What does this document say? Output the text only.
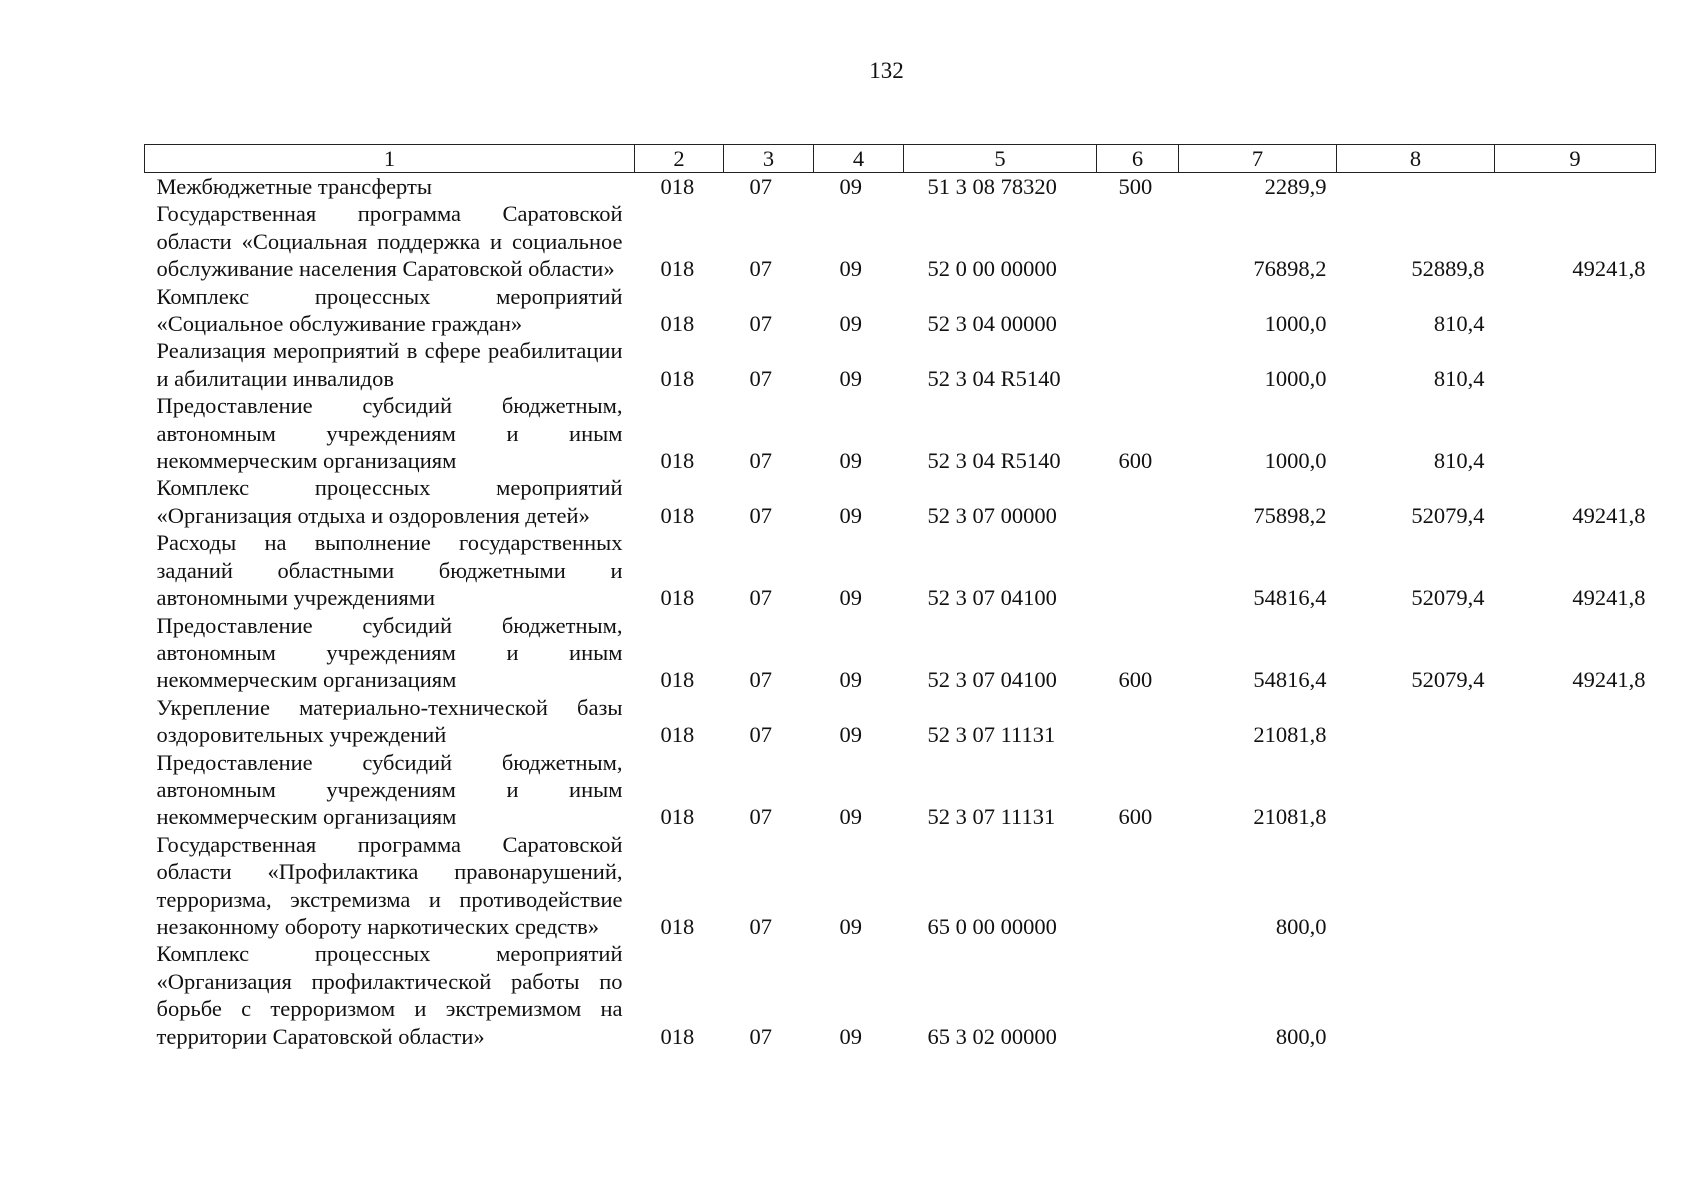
132
1	2	3	4	5	6	7	8	9
Межбюджетные трансферты	018	07	09	51 3 08 78320	500	2289,9		
Государственная программа Саратовской области «Социальная поддержка и социальное обслуживание населения Саратовской области»	018	07	09	52 0 00 00000		76898,2	52889,8	49241,8
Комплекс процессных мероприятий «Социальное обслуживание граждан»	018	07	09	52 3 04 00000		1000,0	810,4	
Реализация мероприятий в сфере реабилитации и абилитации инвалидов	018	07	09	52 3 04 R5140		1000,0	810,4	
Предоставление субсидий бюджетным, автономным учреждениям и иным некоммерческим организациям	018	07	09	52 3 04 R5140	600	1000,0	810,4	
Комплекс процессных мероприятий «Организация отдыха и оздоровления детей»	018	07	09	52 3 07 00000		75898,2	52079,4	49241,8
Расходы на выполнение государственных заданий областными бюджетными и автономными учреждениями	018	07	09	52 3 07 04100		54816,4	52079,4	49241,8
Предоставление субсидий бюджетным, автономным учреждениям и иным некоммерческим организациям	018	07	09	52 3 07 04100	600	54816,4	52079,4	49241,8
Укрепление материально-технической базы оздоровительных учреждений	018	07	09	52 3 07 11131		21081,8		
Предоставление субсидий бюджетным, автономным учреждениям и иным некоммерческим организациям	018	07	09	52 3 07 11131	600	21081,8		
Государственная программа Саратовской области «Профилактика правонарушений, терроризма, экстремизма и противодействие незаконному обороту наркотических средств»	018	07	09	65 0 00 00000		800,0		
Комплекс процессных мероприятий «Организация профилактической работы по борьбе с терроризмом и экстремизмом на территории Саратовской области»	018	07	09	65 3 02 00000		800,0		
